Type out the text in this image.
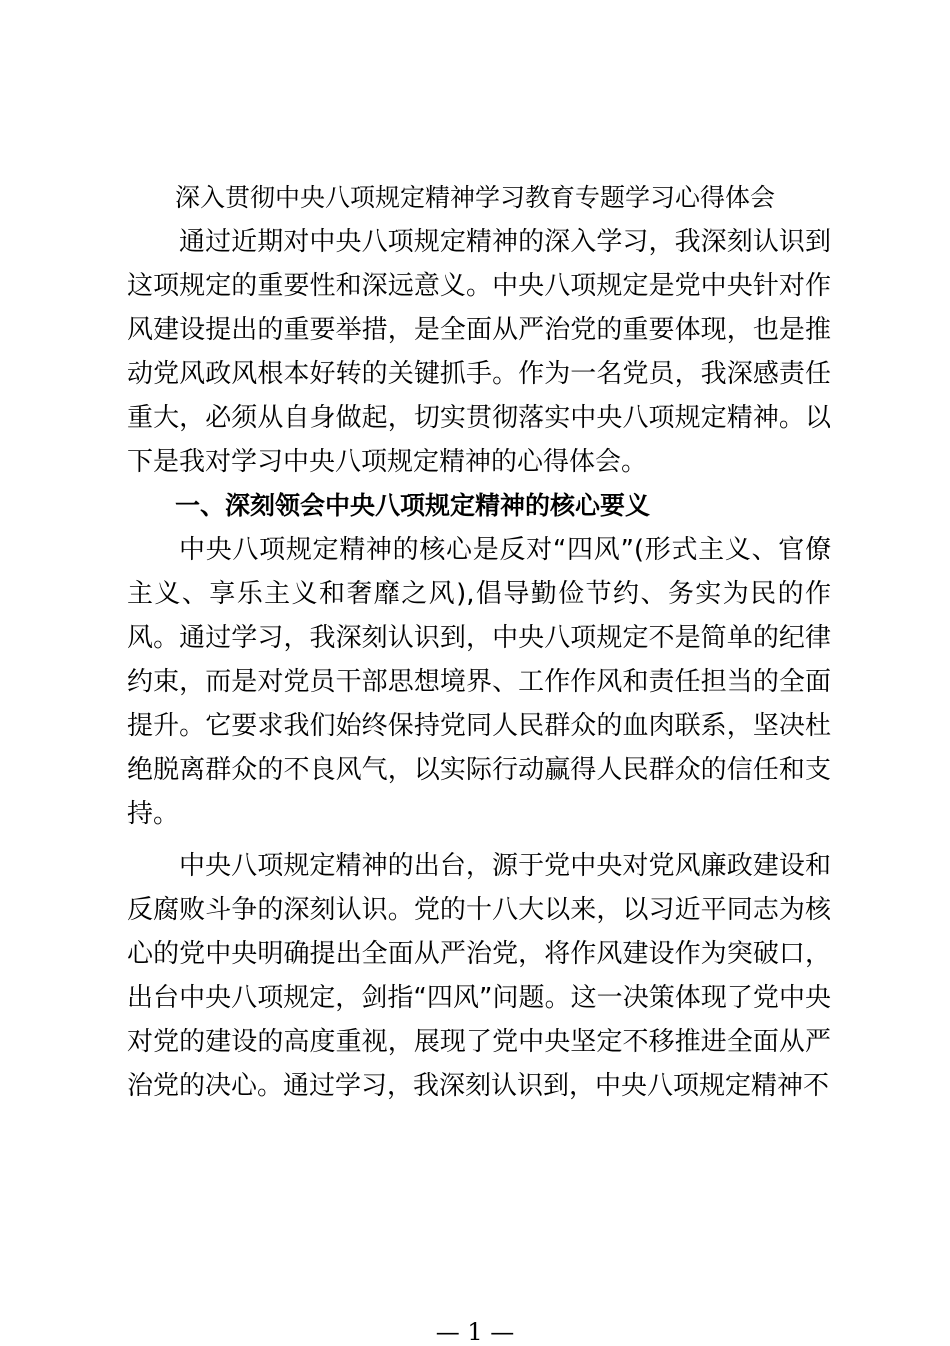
深入贯彻中央八项规定精神学习教育专题学习心得体会

通过近期对中央八项规定精神的深入学习，我深刻认识到这项规定的重要性和深远意义。中央八项规定是党中央针对作风建设提出的重要举措，是全面从严治党的重要体现，也是推动党风政风根本好转的关键抓手。作为一名党员，我深感责任重大，必须从自身做起，切实贯彻落实中央八项规定精神。以下是我对学习中央八项规定精神的心得体会。

一、深刻领会中央八项规定精神的核心要义

中央八项规定精神的核心是反对“四风”(形式主义、官僚主义、享乐主义和奢靡之风),倡导勤俭节约、务实为民的作风。通过学习，我深刻认识到，中央八项规定不是简单的纪律约束，而是对党员干部思想境界、工作作风和责任担当的全面提升。它要求我们始终保持党同人民群众的血肉联系，坚决杜绝脱离群众的不良风气，以实际行动赢得人民群众的信任和支持。

中央八项规定精神的出台，源于党中央对党风廉政建设和反腐败斗争的深刻认识。党的十八大以来，以习近平同志为核心的党中央明确提出全面从严治党，将作风建设作为突破口，出台中央八项规定，剑指“四风”问题。这一决策体现了党中央对党的建设的高度重视，展现了党中央坚定不移推进全面从严治党的决心。通过学习，我深刻认识到，中央八项规定精神不

— 1 —
